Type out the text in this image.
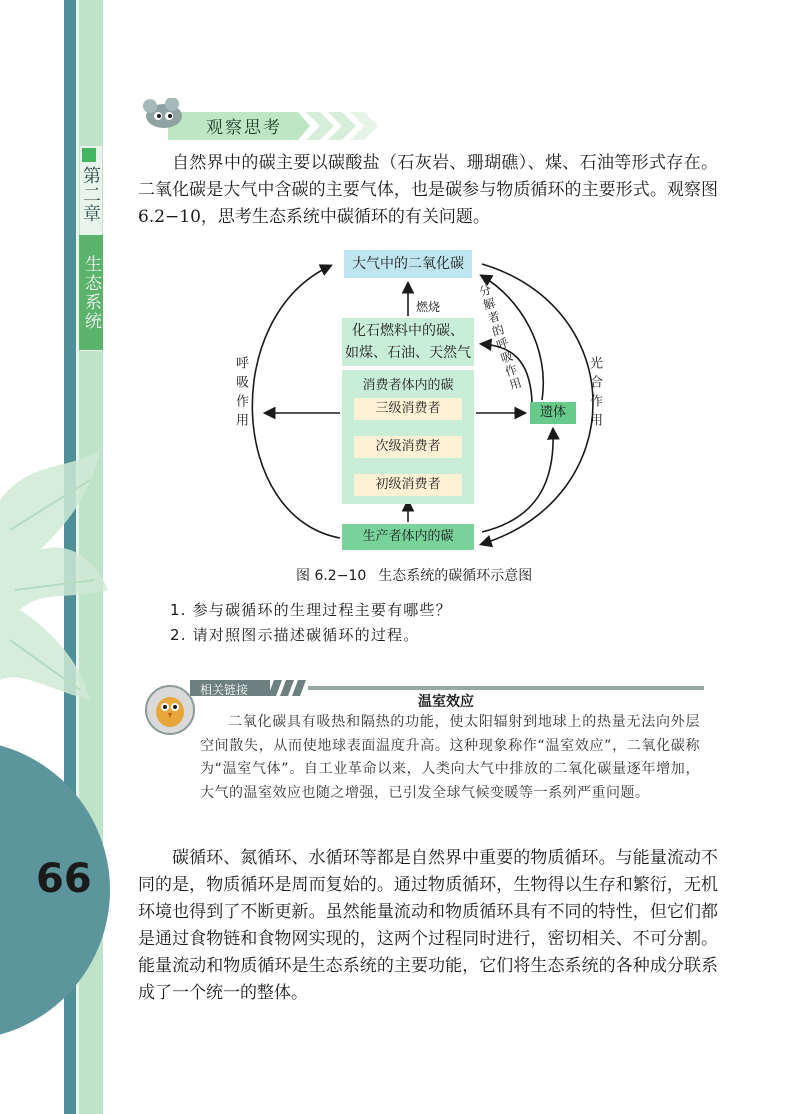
第二章
生态系统
66
观察思考

自然界中的碳主要以碳酸盐（石灰岩、珊瑚礁）、煤、石油等形式存在。二氧化碳是大气中含碳的主要气体，也是碳参与物质循环的主要形式。观察图6.2−10，思考生态系统中碳循环的有关问题。

大气中的二氧化碳
燃烧
化石燃料中的碳、
如煤、石油、天然气
消费者体内的碳
三级消费者
次级消费者
初级消费者
遗体
生产者体内的碳
呼吸作用	光合作用
分解者的呼吸作用
图 6.2−10 生态系统的碳循环示意图
1. 参与碳循环的生理过程主要有哪些？
2. 请对照图示描述碳循环的过程。
相关链接
温室效应

二氧化碳具有吸热和隔热的功能，使太阳辐射到地球上的热量无法向外层空间散失，从而使地球表面温度升高。这种现象称作“温室效应”，二氧化碳称为“温室气体”。自工业革命以来，人类向大气中排放的二氧化碳量逐年增加，大气的温室效应也随之增强，已引发全球气候变暖等一系列严重问题。

碳循环、氮循环、水循环等都是自然界中重要的物质循环。与能量流动不同的是，物质循环是周而复始的。通过物质循环，生物得以生存和繁衍，无机环境也得到了不断更新。虽然能量流动和物质循环具有不同的特性，但它们都是通过食物链和食物网实现的，这两个过程同时进行，密切相关、不可分割。能量流动和物质循环是生态系统的主要功能，它们将生态系统的各种成分联系成了一个统一的整体。
